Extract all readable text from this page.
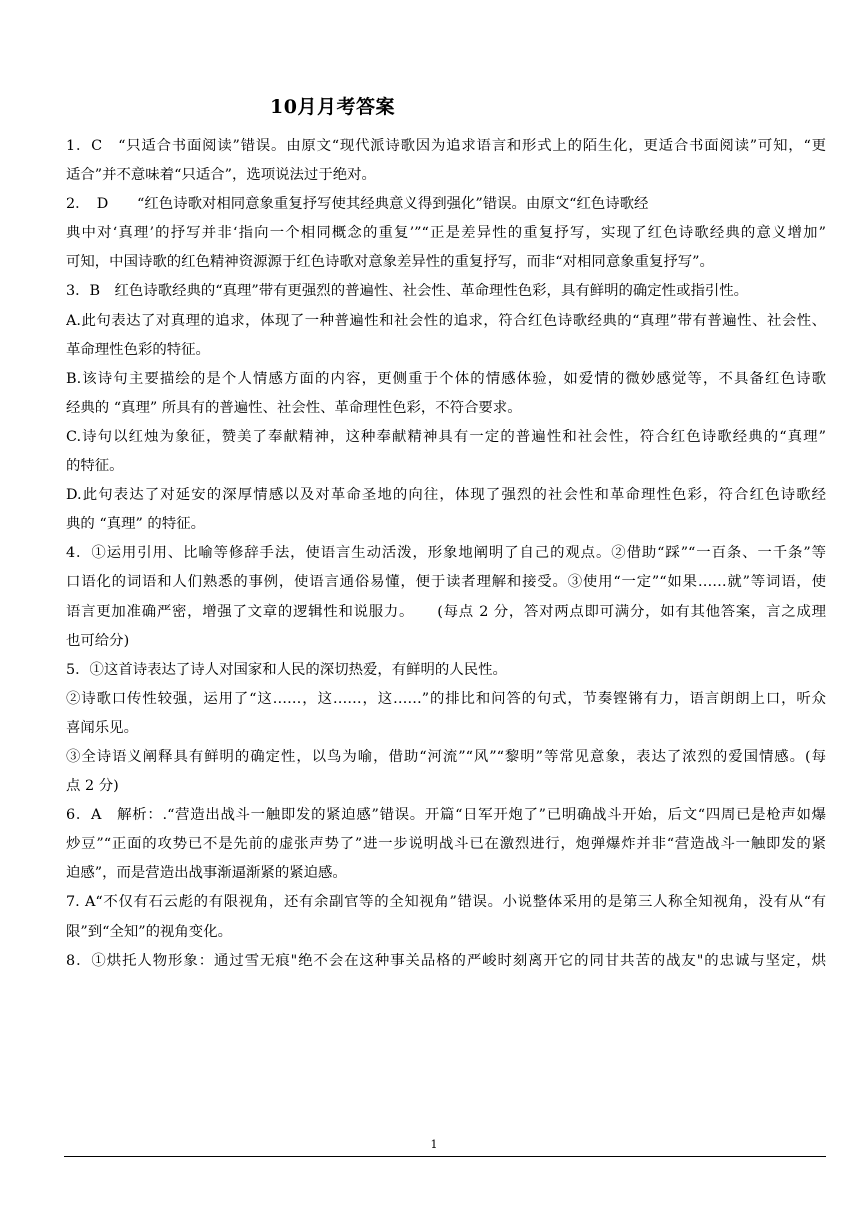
10月月考答案
1．C　“只适合书面阅读”错误。由原文“现代派诗歌因为追求语言和形式上的陌生化，更适合书面阅读”可知，“更
适合”并不意味着“只适合”，选项说法过于绝对。
2．　D　　“红色诗歌对相同意象重复抒写使其经典意义得到强化”错误。由原文“红色诗歌经
典中对‘真理’的抒写并非‘指向一个相同概念的重复’”“正是差异性的重复抒写，实现了红色诗歌经典的意义增加”
可知，中国诗歌的红色精神资源源于红色诗歌对意象差异性的重复抒写，而非“对相同意象重复抒写”。
3．B　红色诗歌经典的“真理”带有更强烈的普遍性、社会性、革命理性色彩，具有鲜明的确定性或指引性。
A.此句表达了对真理的追求，体现了一种普遍性和社会性的追求，符合红色诗歌经典的“真理”带有普遍性、社会性、
革命理性色彩的特征。
B.该诗句主要描绘的是个人情感方面的内容，更侧重于个体的情感体验，如爱情的微妙感觉等，不具备红色诗歌
经典的 “真理” 所具有的普遍性、社会性、革命理性色彩，不符合要求。
C.诗句以红烛为象征，赞美了奉献精神，这种奉献精神具有一定的普遍性和社会性，符合红色诗歌经典的“真理”
的特征。
D.此句表达了对延安的深厚情感以及对革命圣地的向往，体现了强烈的社会性和革命理性色彩，符合红色诗歌经
典的 “真理” 的特征。
4．①运用引用、比喻等修辞手法，使语言生动活泼，形象地阐明了自己的观点。②借助“踩”“一百条、一千条”等
口语化的词语和人们熟悉的事例，使语言通俗易懂，便于读者理解和接受。③使用“一定”“如果……就”等词语，使
语言更加准确严密，增强了文章的逻辑性和说服力。　　(每点 2 分，答对两点即可满分，如有其他答案，言之成理
也可给分)
5．①这首诗表达了诗人对国家和人民的深切热爱，有鲜明的人民性。
②诗歌口传性较强，运用了“这……，这……，这……”的排比和问答的句式，节奏铿锵有力，语言朗朗上口，听众
喜闻乐见。
③全诗语义阐释具有鲜明的确定性，以鸟为喻，借助“河流”“风”“黎明”等常见意象，表达了浓烈的爱国情感。(每
点 2 分)
6．A　解析：.“营造出战斗一触即发的紧迫感”错误。开篇“日军开炮了”已明确战斗开始，后文“四周已是枪声如爆
炒豆”“正面的攻势已不是先前的虚张声势了”进一步说明战斗已在激烈进行，炮弹爆炸并非“营造战斗一触即发的紧
迫感”，而是营造出战事渐逼渐紧的紧迫感。
7. A“不仅有石云彪的有限视角，还有余副官等的全知视角”错误。小说整体采用的是第三人称全知视角，没有从“有
限”到“全知”的视角变化。
8．①烘托人物形象：通过雪无痕"绝不会在这种事关品格的严峻时刻离开它的同甘共苦的战友"的忠诚与坚定，烘
1
